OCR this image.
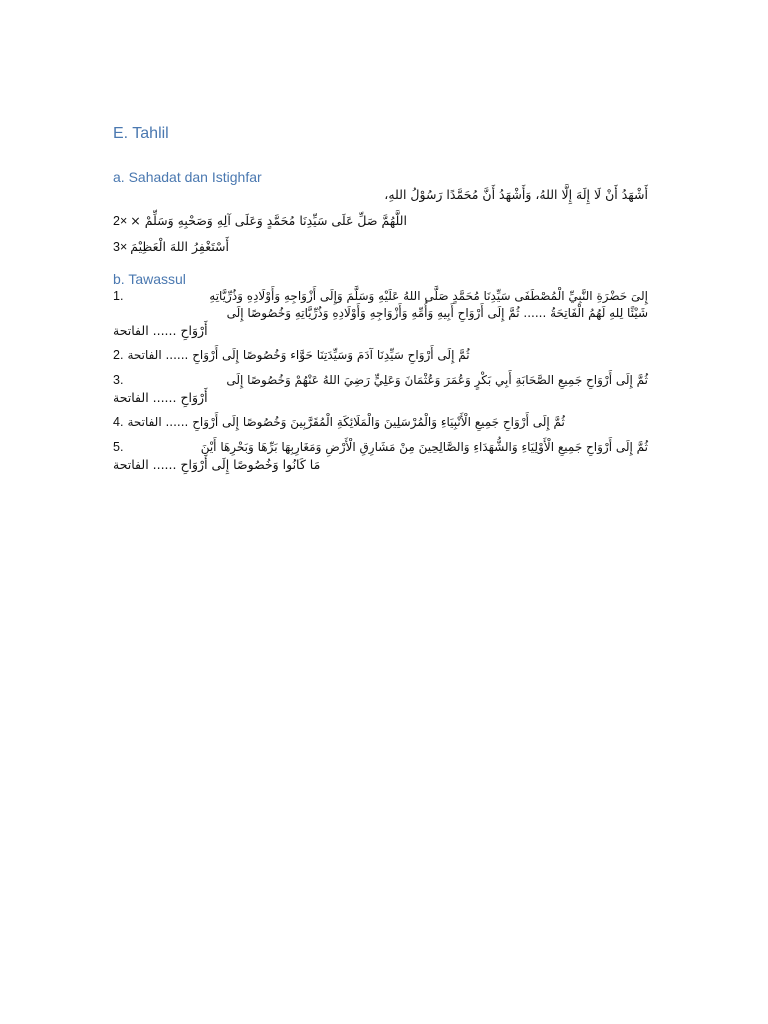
E. Tahlil
a. Sahadat dan Istighfar
أَشْهَدُ أَنْ لَا إِلَهَ إِلَّا اللهُ، وَأَشْهَدُ أَنَّ مُحَمَّدًا رَسُوْلُ اللهِ،
2× اللَّهُمَّ صَلِّ عَلَى سَيِّدِنَا مُحَمَّدٍ وَعَلَى آلِهِ وَصَحْبِهِ وَسَلِّمْ ×
3× أَسْتَغْفِرُ اللهَ الْعَظِيْمَ
b. Tawassul
1.	إِلىَ حَضْرَةِ النَّبِيِّ الْمُصْطَفَى سَيِّدِنَا مُحَمَّدٍ صَلَّى اللهُ عَلَيْهِ وَسَلَّمَ وَإِلَى أَزْوَاجِهِ وَأَوْلَادِهِ وَذُرِّيَّاتِهِ
شَيْئًا لِلهِ لَهُمُ الْفَاتِحَةُ ...... ثُمَّ إِلَى أَرْوَاحِ أَبِيهِ وَأُمِّهِ وَأَزْوَاجِهِ وَأَوْلَادِهِ وَذُرِّيَّاتِهِ وَخُصُوصًا إِلَى
أَرْوَاحِ ...... الفاتحة
2. ثُمَّ إِلَى أَرْوَاحِ سَيِّدِنَا آدَمَ وَسَيِّدَتِنَا حَوَّاء وَخُصُوصًا إِلَى أَرْوَاحِ ...... الفاتحة
3.	ثُمَّ إِلَى أَرْوَاحِ جَمِيعِ الصَّحَابَةِ أَبِي بَكْرٍ وَعُمَرَ وَعُثْمَانَ وَعَلِيٍّ رَضِيَ اللهُ عَنْهُمْ وَخُصُوصًا إِلَى
أَرْوَاحِ ...... الفاتحة
4. ثُمَّ إِلَى أَرْوَاحِ جَمِيعِ الْأَنْبِيَاءِ وَالْمُرْسَلِينَ وَالْمَلَائِكَةِ الْمُقَرَّبِينَ وَخُصُوصًا إِلَى أَرْوَاحِ ...... الفاتحة
5.	ثُمَّ إِلَى أَرْوَاحِ جَمِيعِ الْأَوْلِيَاءِ وَالشُّهَدَاءِ وَالصَّالِحِينَ مِنْ مَشَارِقِ الْأَرْضِ وَمَغَارِبِهَا بَرِّهَا وَبَحْرِهَا أَيْنَ
مَا كَانُوا وَخُصُوصًا إِلَى أَرْوَاحِ ...... الفاتحة
